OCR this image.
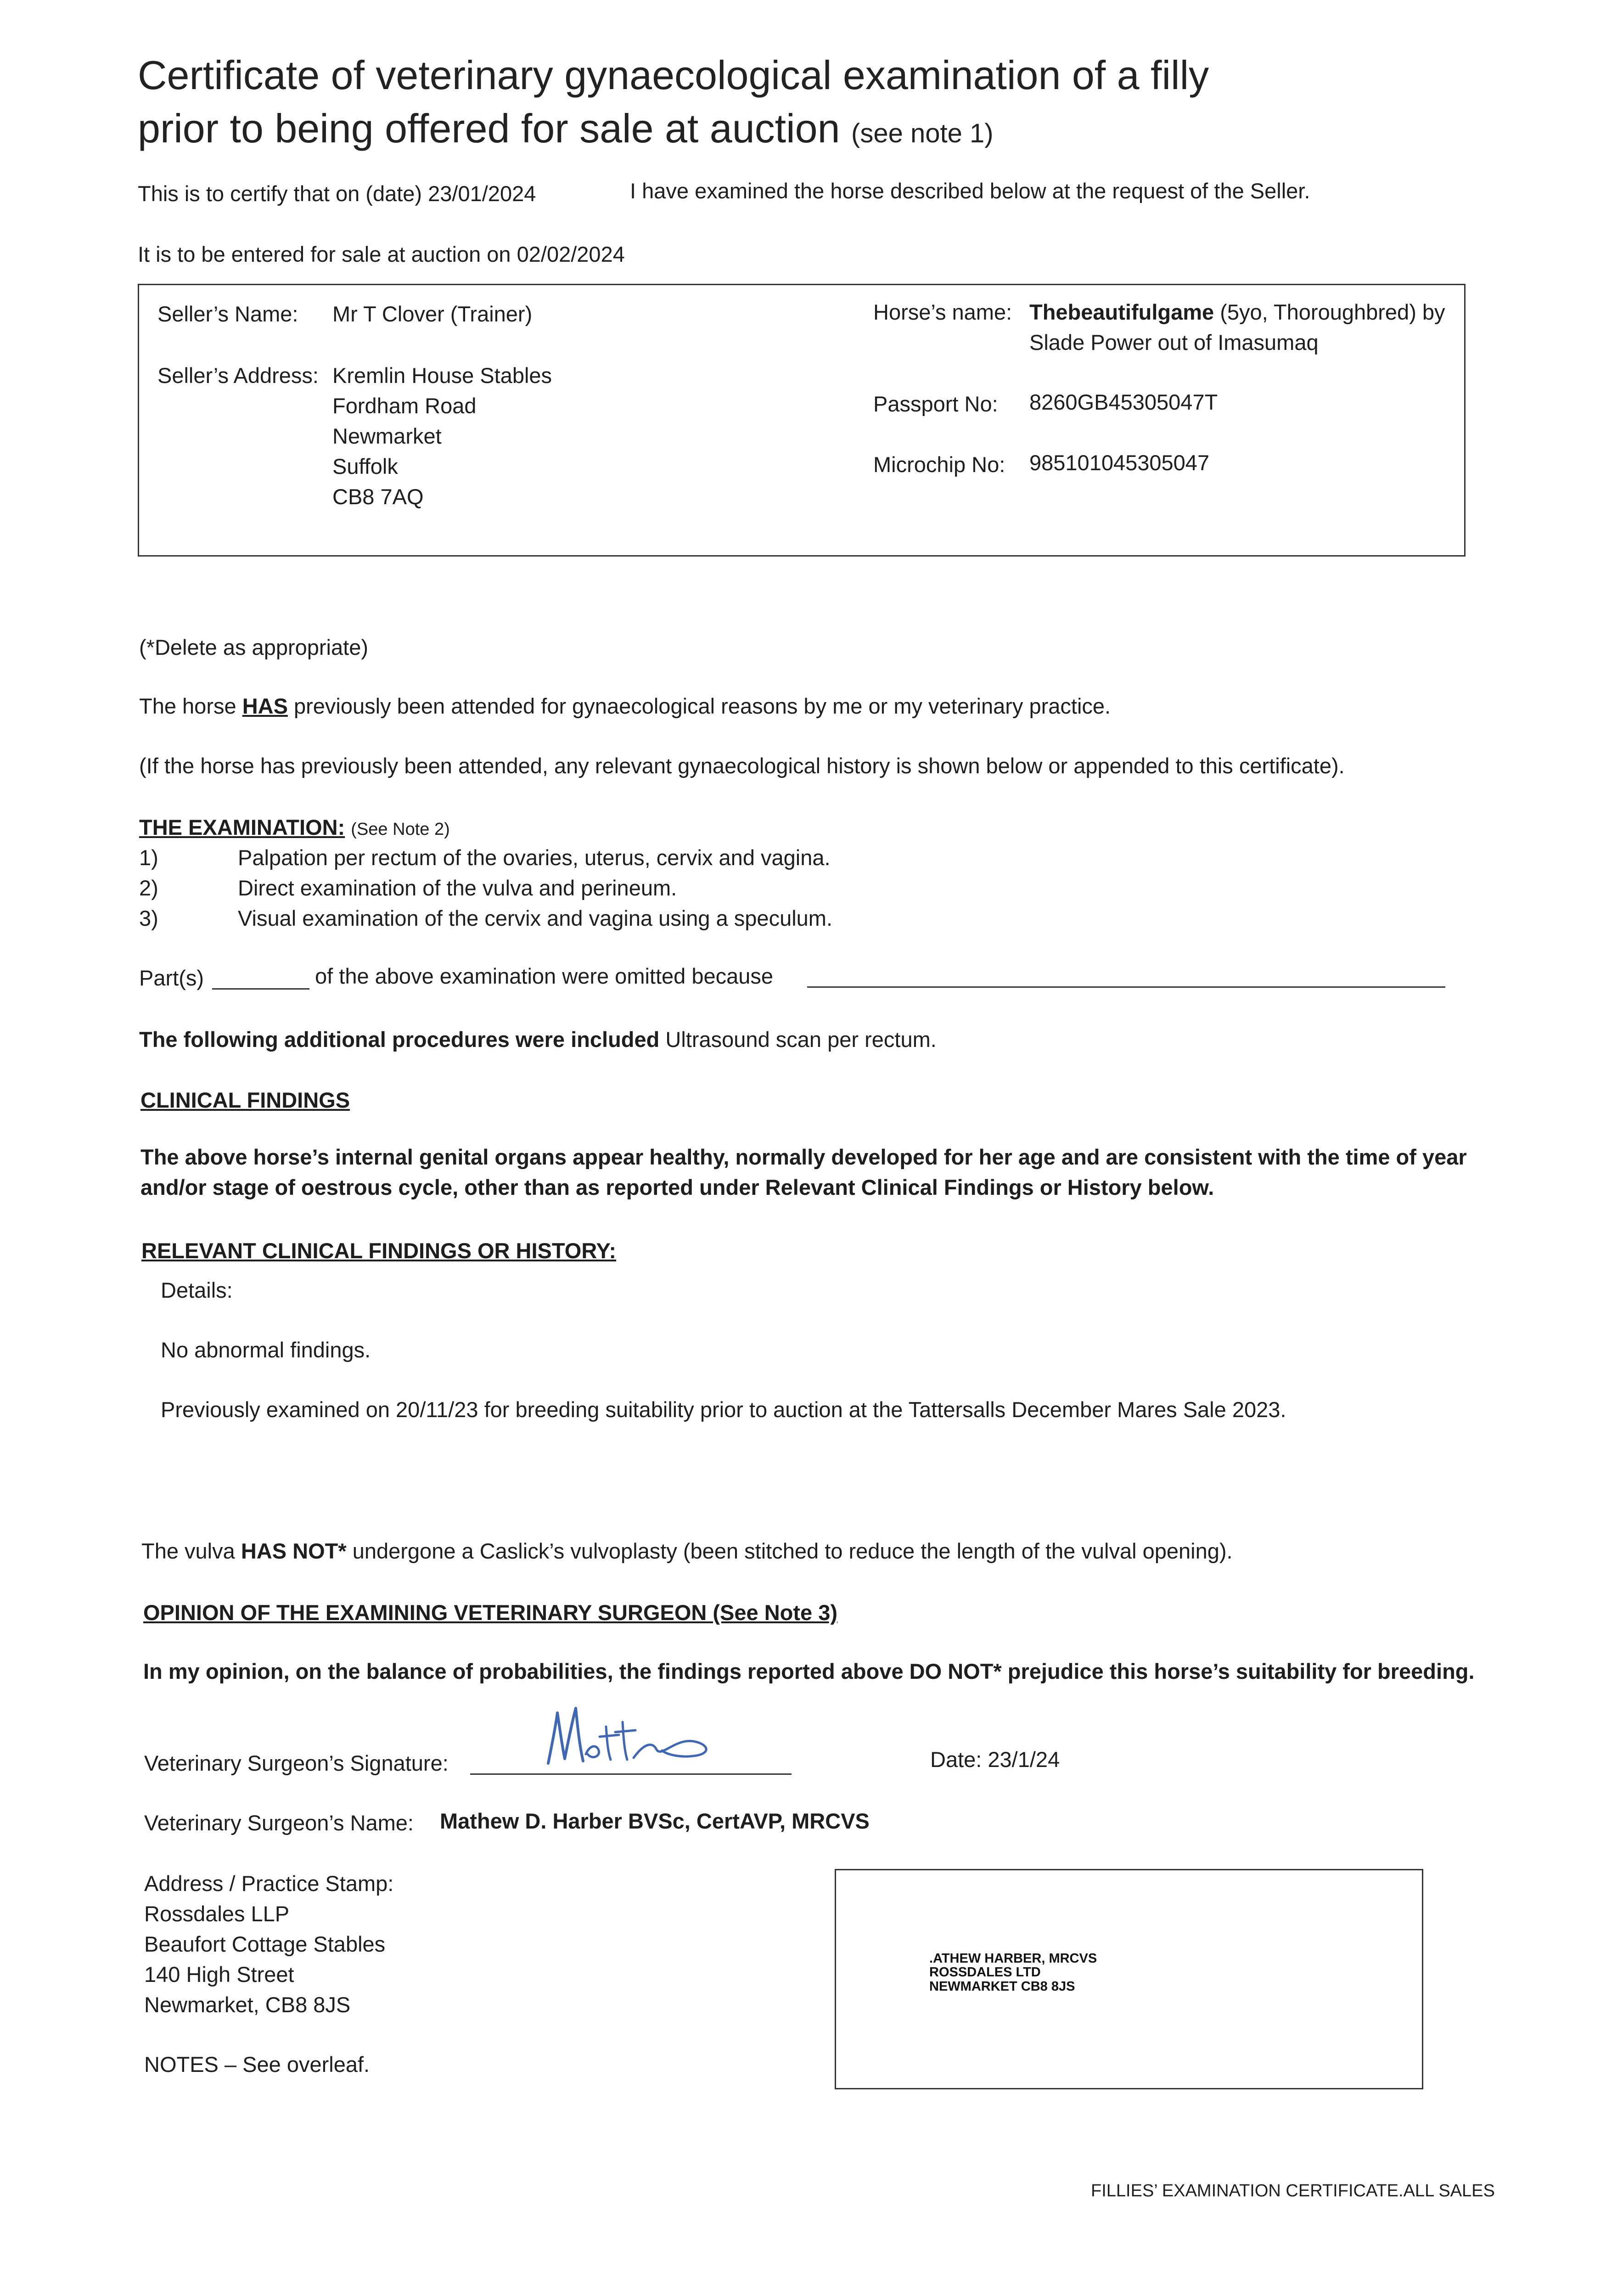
Certificate of veterinary gynaecological examination of a filly
prior to being offered for sale at auction (see note 1)
This is to certify that on (date) 23/01/2024	I have examined the horse described below at the request of the Seller.
It is to be entered for sale at auction on 02/02/2024
Seller’s Name: Mr T Clover (Trainer)
Seller’s Address: Kremlin House Stables
Fordham Road
Newmarket
Suffolk
CB8 7AQ
Horse’s name: Thebeautifulgame (5yo, Thoroughbred) by
Slade Power out of Imasumaq
Passport No: 8260GB45305047T
Microchip No: 985101045305047
(*Delete as appropriate)
The horse HAS previously been attended for gynaecological reasons by me or my veterinary practice.
(If the horse has previously been attended, any relevant gynaecological history is shown below or appended to this certificate).
THE EXAMINATION: (See Note 2)
1)	Palpation per rectum of the ovaries, uterus, cervix and vagina.
2)	Direct examination of the vulva and perineum.
3)	Visual examination of the cervix and vagina using a speculum.
Part(s)	of the above examination were omitted because
The following additional procedures were included Ultrasound scan per rectum.
CLINICAL FINDINGS
The above horse’s internal genital organs appear healthy, normally developed for her age and are consistent with the time of year
and/or stage of oestrous cycle, other than as reported under Relevant Clinical Findings or History below.
RELEVANT CLINICAL FINDINGS OR HISTORY:
Details:
No abnormal findings.
Previously examined on 20/11/23 for breeding suitability prior to auction at the Tattersalls December Mares Sale 2023.
The vulva HAS NOT* undergone a Caslick’s vulvoplasty (been stitched to reduce the length of the vulval opening).
OPINION OF THE EXAMINING VETERINARY SURGEON (See Note 3)
In my opinion, on the balance of probabilities, the findings reported above DO NOT* prejudice this horse’s suitability for breeding.
Veterinary Surgeon’s Signature:	Date: 23/1/24
Veterinary Surgeon’s Name: Mathew D. Harber BVSc, CertAVP, MRCVS
Address / Practice Stamp:
Rossdales LLP
Beaufort Cottage Stables
140 High Street
Newmarket, CB8 8JS
NOTES – See overleaf.
.ATHEW HARBER, MRCVS
ROSSDALES LTD
NEWMARKET CB8 8JS
FILLIES’ EXAMINATION CERTIFICATE.ALL SALES
